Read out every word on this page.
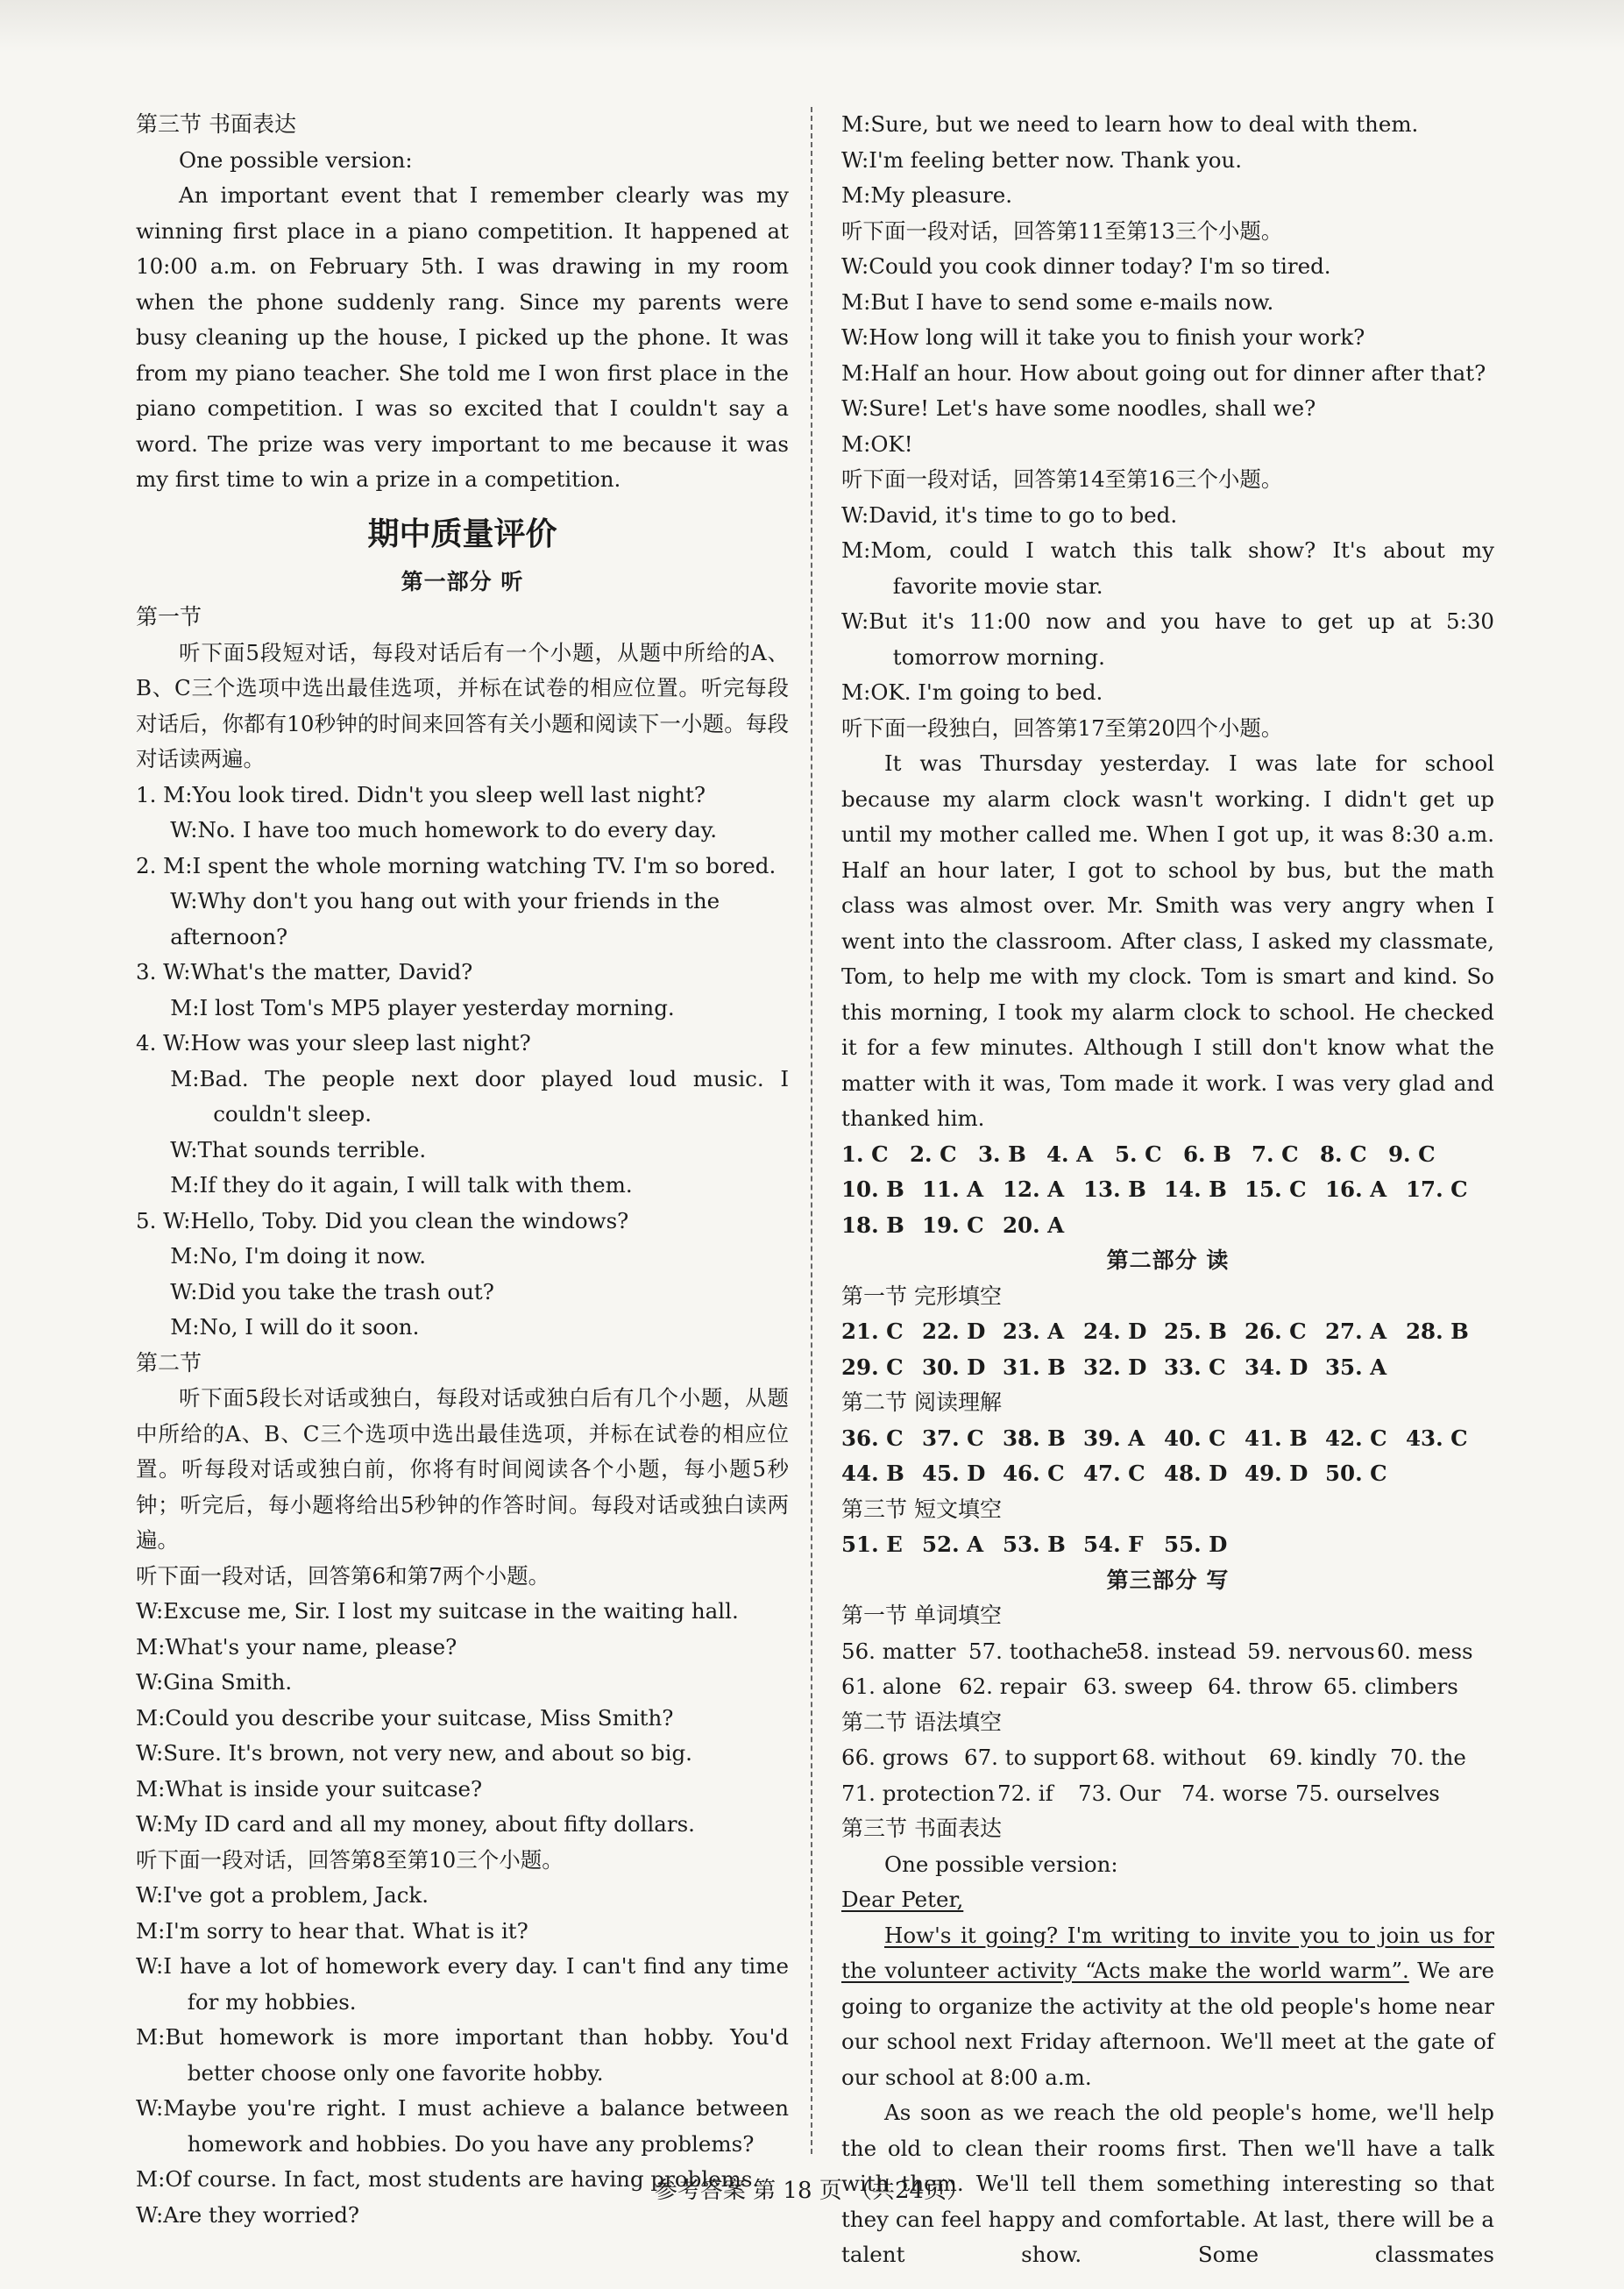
第三节 书面表达

One possible version:

An important event that I remember clearly was my winning first place in a piano competition. It happened at 10:00 a.m. on February 5th. I was drawing in my room when the phone suddenly rang. Since my parents were busy cleaning up the house, I picked up the phone. It was from my piano teacher. She told me I won first place in the piano competition. I was so excited that I couldn't say a word. The prize was very important to me because it was my first time to win a prize in a competition.

期中质量评价

第一部分 听

第一节

听下面5段短对话，每段对话后有一个小题，从题中所给的A、B、C三个选项中选出最佳选项，并标在试卷的相应位置。听完每段对话后，你都有10秒钟的时间来回答有关小题和阅读下一小题。每段对话读两遍。

1. M:You look tired. Didn't you sleep well last night?

W:No. I have too much homework to do every day.

2. M:I spent the whole morning watching TV. I'm so bored.

W:Why don't you hang out with your friends in the afternoon?

3. W:What's the matter, David?

M:I lost Tom's MP5 player yesterday morning.

4. W:How was your sleep last night?

M:Bad. The people next door played loud music. I couldn't sleep.

W:That sounds terrible.

M:If they do it again, I will talk with them.

5. W:Hello, Toby. Did you clean the windows?

M:No, I'm doing it now.

W:Did you take the trash out?

M:No, I will do it soon.

第二节

听下面5段长对话或独白，每段对话或独白后有几个小题，从题中所给的A、B、C三个选项中选出最佳选项，并标在试卷的相应位置。听每段对话或独白前，你将有时间阅读各个小题，每小题5秒钟；听完后，每小题将给出5秒钟的作答时间。每段对话或独白读两遍。

听下面一段对话，回答第6和第7两个小题。

W:Excuse me, Sir. I lost my suitcase in the waiting hall.

M:What's your name, please?

W:Gina Smith.

M:Could you describe your suitcase, Miss Smith?

W:Sure. It's brown, not very new, and about so big.

M:What is inside your suitcase?

W:My ID card and all my money, about fifty dollars.

听下面一段对话，回答第8至第10三个小题。

W:I've got a problem, Jack.

M:I'm sorry to hear that. What is it?

W:I have a lot of homework every day. I can't find any time for my hobbies.

M:But homework is more important than hobby. You'd better choose only one favorite hobby.

W:Maybe you're right. I must achieve a balance between homework and hobbies. Do you have any problems?

M:Of course. In fact, most students are having problems.

W:Are they worried?

M:Sure, but we need to learn how to deal with them.

W:I'm feeling better now. Thank you.

M:My pleasure.

听下面一段对话，回答第11至第13三个小题。

W:Could you cook dinner today? I'm so tired.

M:But I have to send some e-mails now.

W:How long will it take you to finish your work?

M:Half an hour. How about going out for dinner after that?

W:Sure! Let's have some noodles, shall we?

M:OK!

听下面一段对话，回答第14至第16三个小题。

W:David, it's time to go to bed.

M:Mom, could I watch this talk show? It's about my favorite movie star.

W:But it's 11:00 now and you have to get up at 5:30 tomorrow morning.

M:OK. I'm going to bed.

听下面一段独白，回答第17至第20四个小题。

It was Thursday yesterday. I was late for school because my alarm clock wasn't working. I didn't get up until my mother called me. When I got up, it was 8:30 a.m. Half an hour later, I got to school by bus, but the math class was almost over. Mr. Smith was very angry when I went into the classroom. After class, I asked my classmate, Tom, to help me with my clock. Tom is smart and kind. So this morning, I took my alarm clock to school. He checked it for a few minutes. Although I still don't know what the matter with it was, Tom made it work. I was very glad and thanked him.

1. C 2. C 3. B 4. A	5. C 6. B 7. C 8. C 9. C
10. B 11. A 12. A 13. B 14. B 15. C 16. A 17. C
18. B 19. C 20. A

第二部分 读

第一节 完形填空

21. C 22. D 23. A 24. D 25. B 26. C 27. A 28. B
29. C 30. D 31. B 32. D 33. C 34. D 35. A

第二节 阅读理解

36. C 37. C 38. B 39. A 40. C 41. B 42. C 43. C
44. B 45. D 46. C 47. C 48. D 49. D 50. C

第三节 短文填空

51. E 52. A 53. B 54. F 55. D

第三部分 写

第一节 单词填空

56. matter 57. toothache
58. instead 59. nervous 60. mess
61. alone 62. repair 63. sweep 64. throw 65. climbers

第二节 语法填空

66. grows 67. to support 68. without	69. kindly 70. the
71. protection 72. if	73. Our 74. worse 75. ourselves

第三节 书面表达

One possible version:

Dear Peter,

How's it going? I'm writing to invite you to join us for the volunteer activity “Acts make the world warm”. We are going to organize the activity at the old people's home near our school next Friday afternoon. We'll meet at the gate of our school at 8:00 a.m.

As soon as we reach the old people's home, we'll help the old to clean their rooms first. Then we'll have a talk with them. We'll tell them something interesting so that they can feel happy and comfortable. At last, there will be a talent show. Some classmates

参考答案 第 18 页 （共24页）
